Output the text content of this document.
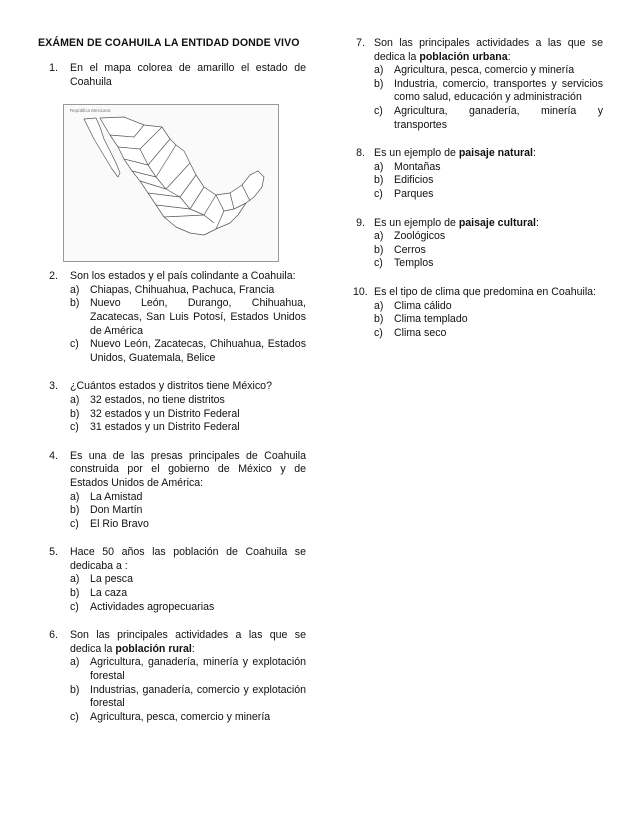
EXÁMEN DE COAHUILA LA ENTIDAD DONDE VIVO
1. En el mapa colorea de amarillo el estado de Coahuila
República Mexicana
2. Son los estados y el país colindante a Coahuila:
a) Chiapas, Chihuahua, Pachuca, Francia
b) Nuevo León, Durango, Chihuahua, Zacatecas, San Luis Potosí, Estados Unidos de América
c) Nuevo León, Zacatecas, Chihuahua, Estados Unidos, Guatemala, Belice
3. ¿Cuántos estados y distritos tiene México?
a) 32 estados, no tiene distritos
b) 32 estados y un Distrito Federal
c) 31 estados y un Distrito Federal
4. Es una de las presas principales de Coahuila construida por el gobierno de México y de Estados Unidos de América:
a) La Amistad
b) Don Martín
c) El Rio Bravo
5. Hace 50 años las población de Coahuila se dedicaba a :
a) La pesca
b) La caza
c) Actividades agropecuarias
6. Son las principales actividades a las que se dedica la población rural:
a) Agricultura, ganadería, minería y explotación forestal
b) Industrias, ganadería, comercio y explotación forestal
c) Agricultura, pesca, comercio y minería
7. Son las principales actividades a las que se dedica la población urbana:
a) Agricultura, pesca, comercio y minería
b) Industria, comercio, transportes y servicios como salud, educación y administración
c) Agricultura, ganadería, minería y transportes
8. Es un ejemplo de paisaje natural:
a) Montañas
b) Edificios
c) Parques
9. Es un ejemplo de paisaje cultural:
a) Zoológicos
b) Cerros
c) Templos
10. Es el tipo de clima que predomina en Coahuila:
a) Clima cálido
b) Clima templado
c) Clima seco
